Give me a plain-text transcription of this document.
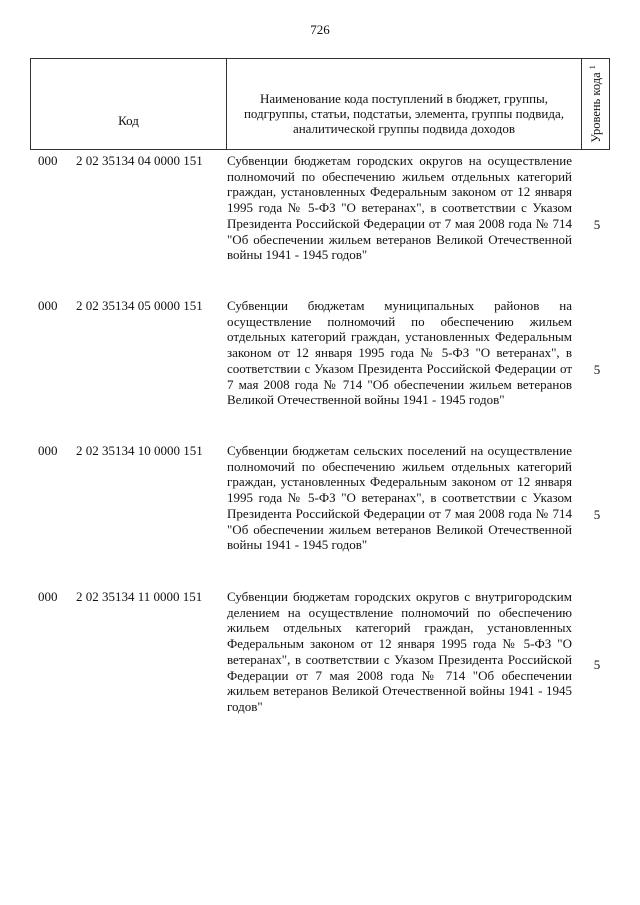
726
Код
Наименование кода поступлений в бюджет, группы, подгруппы, статьи, подстатьи, элемента, группы подвида, аналитической группы подвида доходов	Уровень кода $^1$
000 2 02 35134 04 0000 151 Субвенции бюджетам городских округов на осуществление полномочий по обеспечению жильем отдельных категорий граждан, установленных Федеральным законом от 12 января 1995 года № 5-ФЗ "О ветеранах", в соответствии с Указом Президента Российской Федерации от 7 мая 2008 года № 714 "Об обеспечении жильем ветеранов Великой Отечественной войны 1941 - 1945 годов"
5
000 2 02 35134 05 0000 151 Субвенции бюджетам муниципальных районов на осуществление полномочий по обеспечению жильем отдельных категорий граждан, установленных Федеральным законом от 12 января 1995 года № 5-ФЗ "О ветеранах", в соответствии с Указом Президента Российской Федерации от 7 мая 2008 года № 714 "Об обеспечении жильем ветеранов Великой Отечественной войны 1941 - 1945 годов"
5
000 2 02 35134 10 0000 151 Субвенции бюджетам сельских поселений на осуществление полномочий по обеспечению жильем отдельных категорий граждан, установленных Федеральным законом от 12 января 1995 года № 5-ФЗ "О ветеранах", в соответствии с Указом Президента Российской Федерации от 7 мая 2008 года № 714 "Об обеспечении жильем ветеранов Великой Отечественной войны 1941 - 1945 годов"
5
000 2 02 35134 11 0000 151 Субвенции бюджетам городских округов с внутригородским делением на осуществление полномочий по обеспечению жильем отдельных категорий граждан, установленных Федеральным законом от 12 января 1995 года № 5-ФЗ "О ветеранах", в соответствии с Указом Президента Российской Федерации от 7 мая 2008 года № 714 "Об обеспечении жильем ветеранов Великой Отечественной войны 1941 - 1945 годов"
5
